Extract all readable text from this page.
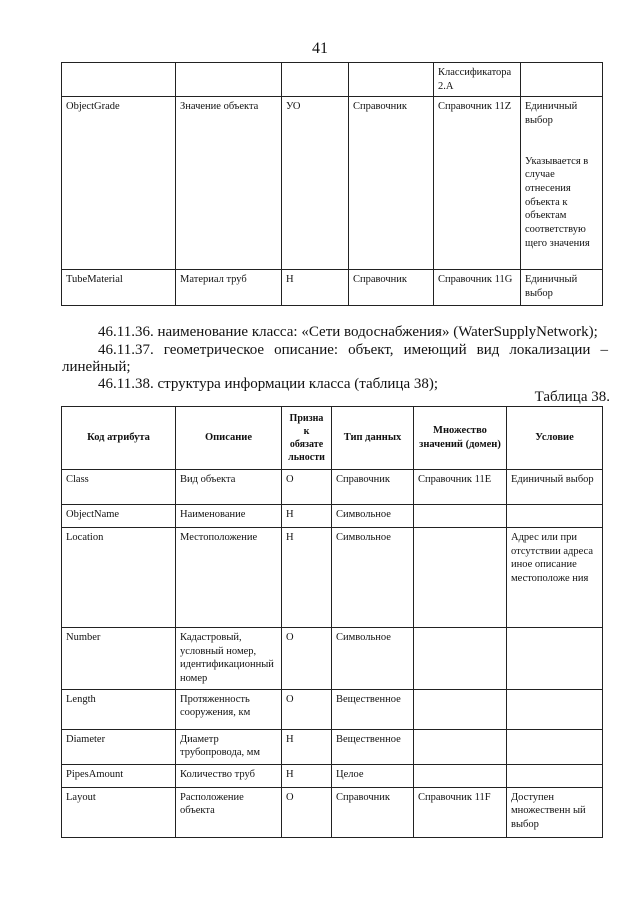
41
				Классификатора 2.А	
ObjectGrade	Значение объекта	УО	Справочник	Справочник 11Z	Единичный выбор

Указывается в случае отнесения объекта к объектам соответствую щего значения
TubeMaterial	Материал труб	Н	Справочник	Справочник 11G	Единичный выбор
46.11.36. наименование класса: «Сети водоснабжения» (WaterSupplyNetwork);
46.11.37. геометрическое описание: объект, имеющий вид локализации –
линейный;
46.11.38. структура информации класса (таблица 38);
Таблица 38.
Код атрибута	Описание	Призна к обязате льности	Тип данных	Множество значений (домен)	Условие
Class	Вид объекта	О	Справочник	Справочник 11Е	Единичный выбор
ObjectName	Наименование	Н	Символьное		
Location	Местоположение	Н	Символьное		Адрес или при отсутствии адреса иное описание местоположе ния
Number	Кадастровый, условный номер, идентификационный номер	О	Символьное		
Length	Протяженность сооружения, км	О	Вещественное		
Diameter	Диаметр трубопровода, мм	Н	Вещественное		
PipesAmount	Количество труб	Н	Целое		
Layout	Расположение объекта	О	Справочник	Справочник 11F	Доступен множественн ый выбор
